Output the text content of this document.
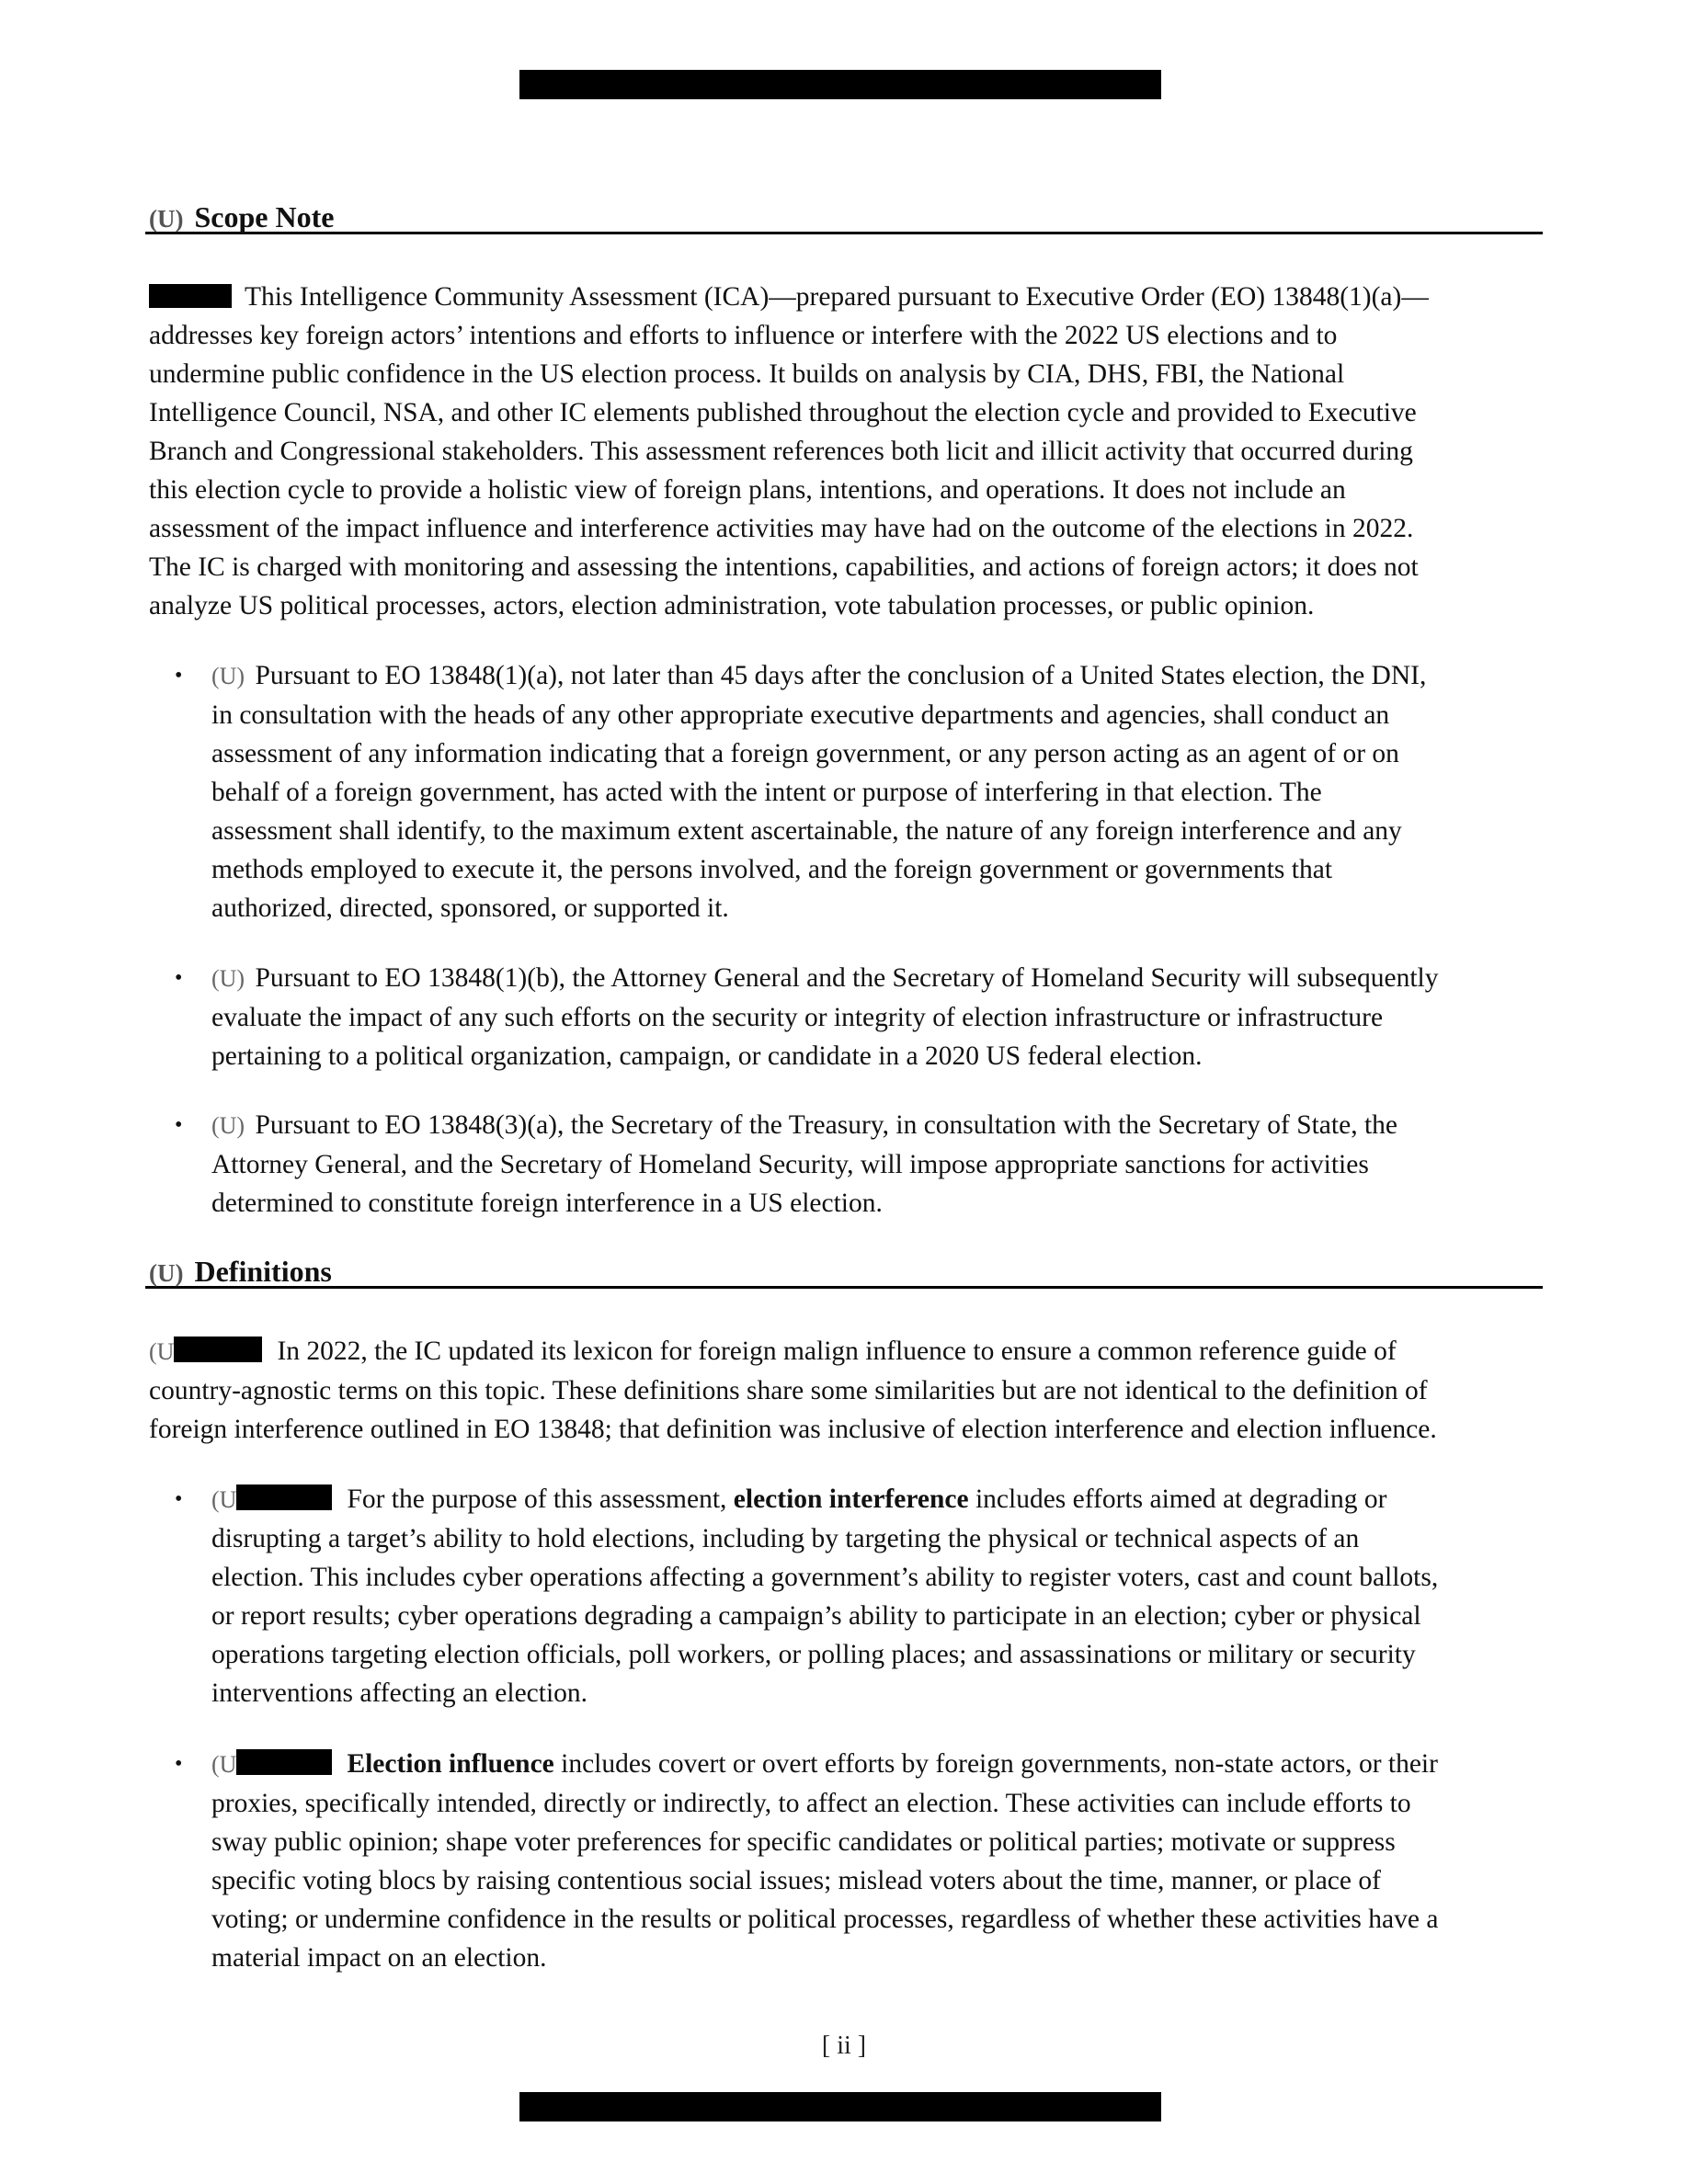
(U) Scope Note
This Intelligence Community Assessment (ICA)—prepared pursuant to Executive Order (EO) 13848(1)(a)—
addresses key foreign actors’ intentions and efforts to influence or interfere with the 2022 US elections and to
undermine public confidence in the US election process. It builds on analysis by CIA, DHS, FBI, the National
Intelligence Council, NSA, and other IC elements published throughout the election cycle and provided to Executive
Branch and Congressional stakeholders. This assessment references both licit and illicit activity that occurred during
this election cycle to provide a holistic view of foreign plans, intentions, and operations. It does not include an
assessment of the impact influence and interference activities may have had on the outcome of the elections in 2022.
The IC is charged with monitoring and assessing the intentions, capabilities, and actions of foreign actors; it does not
analyze US political processes, actors, election administration, vote tabulation processes, or public opinion.
• (U) Pursuant to EO 13848(1)(a), not later than 45 days after the conclusion of a United States election, the DNI,
in consultation with the heads of any other appropriate executive departments and agencies, shall conduct an
assessment of any information indicating that a foreign government, or any person acting as an agent of or on
behalf of a foreign government, has acted with the intent or purpose of interfering in that election. The
assessment shall identify, to the maximum extent ascertainable, the nature of any foreign interference and any
methods employed to execute it, the persons involved, and the foreign government or governments that
authorized, directed, sponsored, or supported it.
• (U) Pursuant to EO 13848(1)(b), the Attorney General and the Secretary of Homeland Security will subsequently
evaluate the impact of any such efforts on the security or integrity of election infrastructure or infrastructure
pertaining to a political organization, campaign, or candidate in a 2020 US federal election.
• (U) Pursuant to EO 13848(3)(a), the Secretary of the Treasury, in consultation with the Secretary of State, the
Attorney General, and the Secretary of Homeland Security, will impose appropriate sanctions for activities
determined to constitute foreign interference in a US election.
(U) Definitions
(U	In 2022, the IC updated its lexicon for foreign malign influence to ensure a common reference guide of
country-agnostic terms on this topic. These definitions share some similarities but are not identical to the definition of
foreign interference outlined in EO 13848; that definition was inclusive of election interference and election influence.
• (U	For the purpose of this assessment, election interference includes efforts aimed at degrading or
disrupting a target’s ability to hold elections, including by targeting the physical or technical aspects of an
election. This includes cyber operations affecting a government’s ability to register voters, cast and count ballots,
or report results; cyber operations degrading a campaign’s ability to participate in an election; cyber or physical
operations targeting election officials, poll workers, or polling places; and assassinations or military or security
interventions affecting an election.
• (U	Election influence includes covert or overt efforts by foreign governments, non-state actors, or their
proxies, specifically intended, directly or indirectly, to affect an election. These activities can include efforts to
sway public opinion; shape voter preferences for specific candidates or political parties; motivate or suppress
specific voting blocs by raising contentious social issues; mislead voters about the time, manner, or place of
voting; or undermine confidence in the results or political processes, regardless of whether these activities have a
material impact on an election.
[ ii ]
